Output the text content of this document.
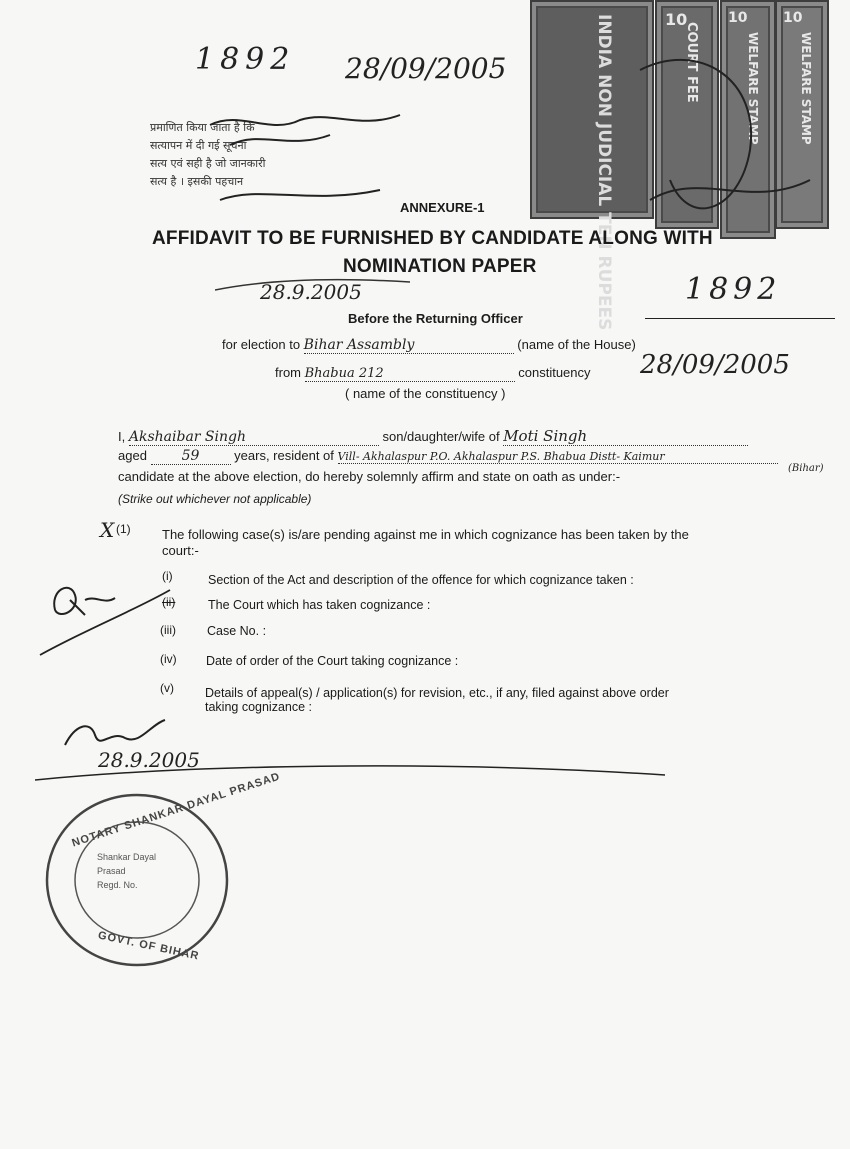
INDIA NON JUDICIAL TEN RUPEES	COURT FEE
10
WELFARE STAMP
10
WELFARE STAMP
10
1892 28/09/2005
प्रमाणित किया जाता है कि
सत्यापन में दी गई सूचना
सत्य एवं सही है जो जानकारी
सत्य है । इसकी पहचान
ANNEXURE-1
AFFIDAVIT TO BE FURNISHED BY CANDIDATE ALONG WITH
NOMINATION PAPER
28.9.2005	1892
28/09/2005
Before the Returning Officer
for election to Bihar Assambly	(name of the House)
from Bhabua 212	constituency
( name of the constituency )
I, Akshaibar Singh	son/daughter/wife of Moti Singh
aged 59	years, resident of Vill- Akhalaspur P.O. Akhalaspur P.S. Bhabua Distt- Kaimur
(Bihar)
candidate at the above election, do hereby solemnly affirm and state on oath as under:-
(Strike out whichever not applicable)
X (1) The following case(s) is/are pending against me in which cognizance has been taken by the
court:-
(i)	Section of the Act and description of the offence for which cognizance taken :
(ii)	The Court which has taken cognizance :
(iii) Case No. :
(iv) Date of order of the Court taking cognizance :
(v) Details of appeal(s) / application(s) for revision, etc., if any, filed against above order
taking cognizance :
28.9.2005
NOTARY SHANKAR DAYAL PRASAD
GOVT. OF BIHAR
Shankar Dayal
Prasad
Regd. No.
